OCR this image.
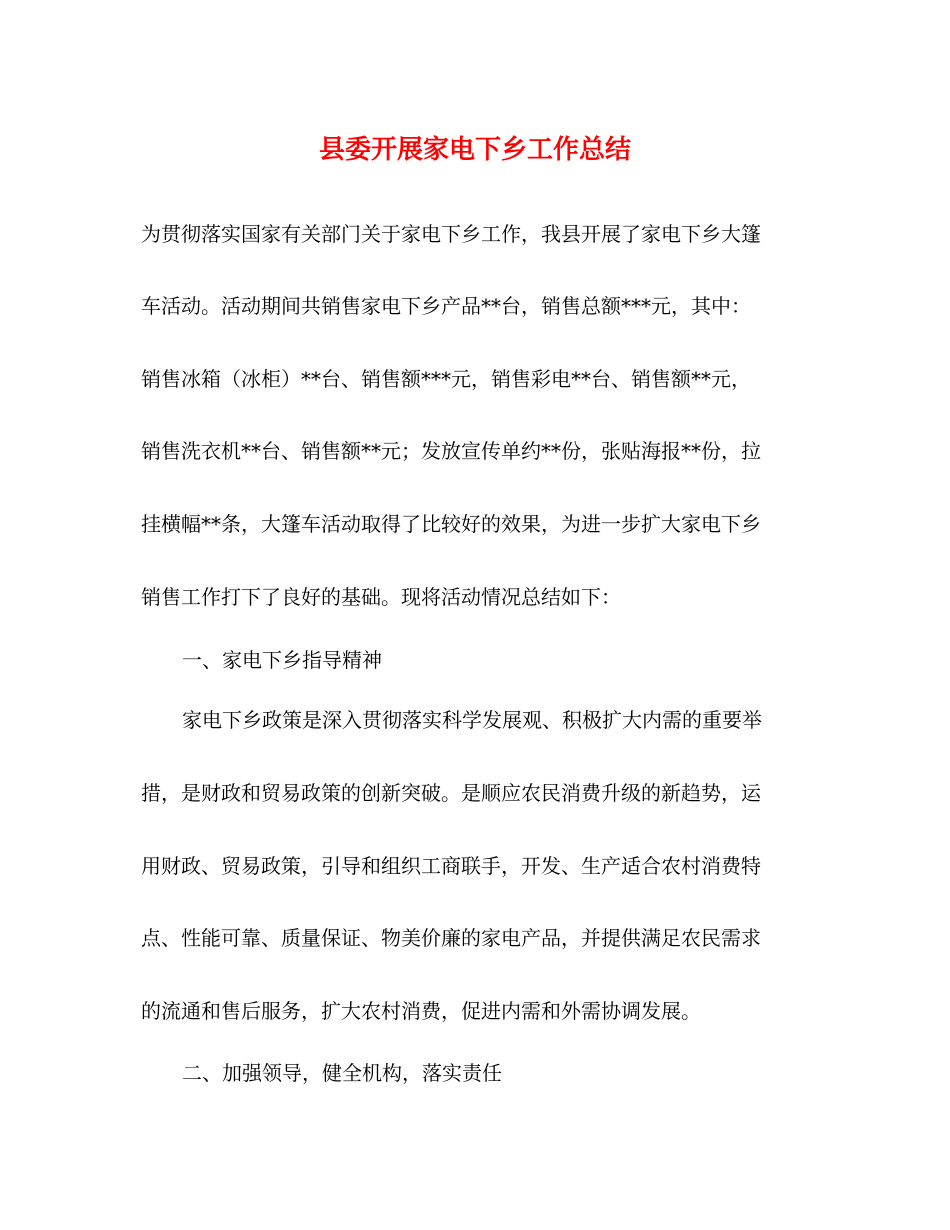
县委开展家电下乡工作总结

为贯彻落实国家有关部门关于家电下乡工作，我县开展了家电下乡大篷

车活动。活动期间共销售家电下乡产品**台，销售总额***元，其中：

销售冰箱（冰柜）**台、销售额***元，销售彩电**台、销售额**元，

销售洗衣机**台、销售额**元；发放宣传单约**份，张贴海报**份，拉

挂横幅**条，大篷车活动取得了比较好的效果，为进一步扩大家电下乡

销售工作打下了良好的基础。现将活动情况总结如下：

一、家电下乡指导精神

家电下乡政策是深入贯彻落实科学发展观、积极扩大内需的重要举

措，是财政和贸易政策的创新突破。是顺应农民消费升级的新趋势，运

用财政、贸易政策，引导和组织工商联手，开发、生产适合农村消费特

点、性能可靠、质量保证、物美价廉的家电产品，并提供满足农民需求

的流通和售后服务，扩大农村消费，促进内需和外需协调发展。

二、加强领导，健全机构，落实责任
